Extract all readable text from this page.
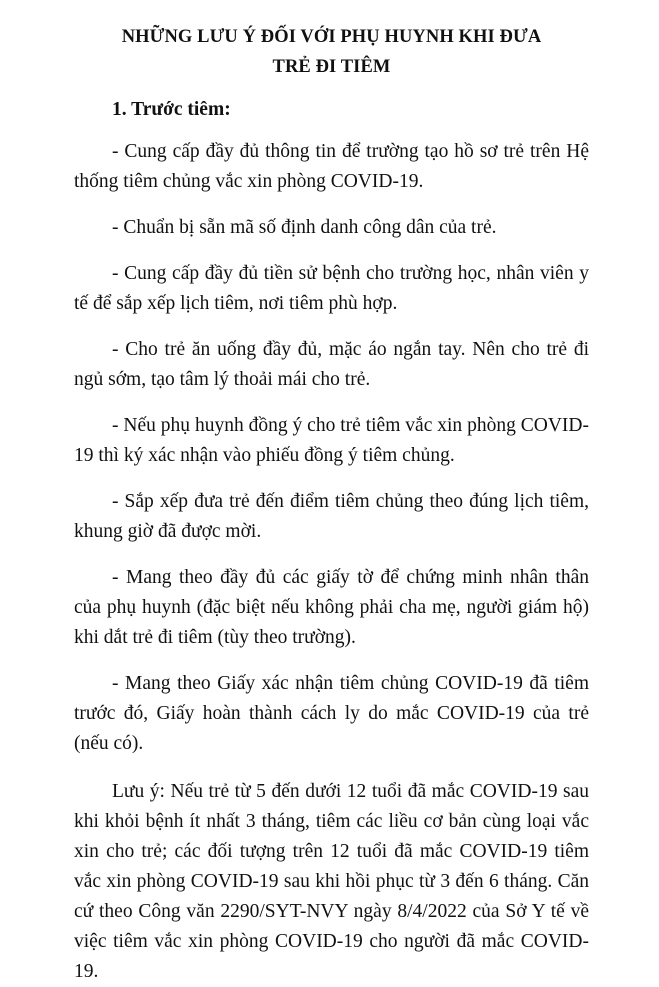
NHỮNG LƯU Ý ĐỐI VỚI PHỤ HUYNH KHI ĐƯA
TRẺ ĐI TIÊM
1. Trước tiêm:

- Cung cấp đầy đủ thông tin để trường tạo hồ sơ trẻ trên Hệ thống tiêm chủng vắc xin phòng COVID-19.

- Chuẩn bị sẵn mã số định danh công dân của trẻ.

- Cung cấp đầy đủ tiền sử bệnh cho trường học, nhân viên y tế để sắp xếp lịch tiêm, nơi tiêm phù hợp.

- Cho trẻ ăn uống đầy đủ, mặc áo ngắn tay. Nên cho trẻ đi ngủ sớm, tạo tâm lý thoải mái cho trẻ.

- Nếu phụ huynh đồng ý cho trẻ tiêm vắc xin phòng COVID-19 thì ký xác nhận vào phiếu đồng ý tiêm chủng.

- Sắp xếp đưa trẻ đến điểm tiêm chủng theo đúng lịch tiêm, khung giờ đã được mời.

- Mang theo đầy đủ các giấy tờ để chứng minh nhân thân của phụ huynh (đặc biệt nếu không phải cha mẹ, người giám hộ) khi dắt trẻ đi tiêm (tùy theo trường).

- Mang theo Giấy xác nhận tiêm chủng COVID-19 đã tiêm trước đó, Giấy hoàn thành cách ly do mắc COVID-19 của trẻ (nếu có).

Lưu ý: Nếu trẻ từ 5 đến dưới 12 tuổi đã mắc COVID-19 sau khi khỏi bệnh ít nhất 3 tháng, tiêm các liều cơ bản cùng loại vắc xin cho trẻ; các đối tượng trên 12 tuổi đã mắc COVID-19 tiêm vắc xin phòng COVID-19 sau khi hồi phục từ 3 đến 6 tháng. Căn cứ theo Công văn 2290/SYT-NVY ngày 8/4/2022 của Sở Y tế về việc tiêm vắc xin phòng COVID-19 cho người đã mắc COVID-19.
